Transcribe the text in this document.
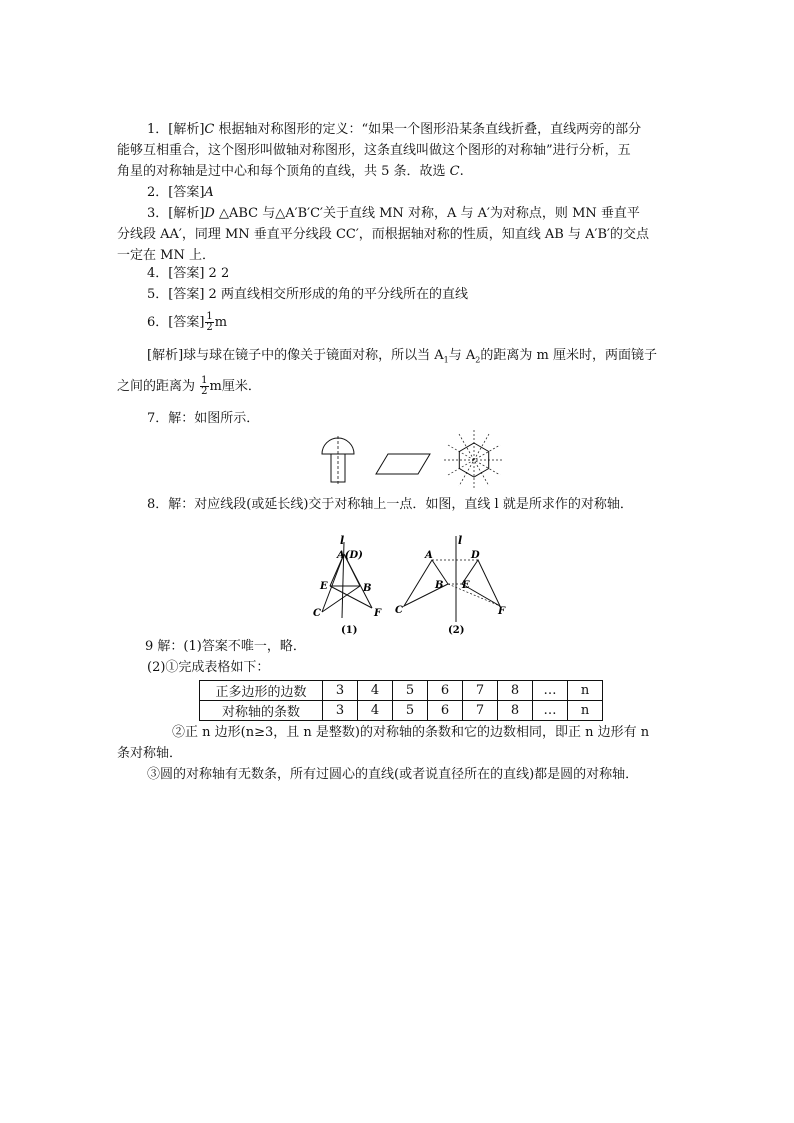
1．[解析]C 根据轴对称图形的定义：“如果一个图形沿某条直线折叠，直线两旁的部分
能够互相重合，这个图形叫做轴对称图形，这条直线叫做这个图形的对称轴”进行分析，五
角星的对称轴是过中心和每个顶角的直线，共 5 条．故选 C.
2．[答案]A
3．[解析]D △ABC 与△A′B′C′关于直线 MN 对称，A 与 A′为对称点，则 MN 垂直平
分线段 AA′，同理 MN 垂直平分线段 CC′，而根据轴对称的性质，知直线 AB 与 A′B′的交点
一定在 MN 上．
4．[答案] 2 2
5．[答案] 2 两直线相交所形成的角的平分线所在的直线
6．[答案] $\frac{1}{2}$ m
[解析]球与球在镜子中的像关于镜面对称，所以当 $A_1$与 $A_2$的距离为 m 厘米时，两面镜子
之间的距离为 $\frac{1}{2}$ m厘米．
7．解：如图所示．
8．解：对应线段(或延长线)交于对称轴上一点．如图，直线 l 就是所求作的对称轴．
l
A(D)
E	B
C	F
(1)
l
A	D
B E
C	F
(2)
9 解：(1)答案不唯一，略．
(2)①完成表格如下：
正多边形的边数	3	4	5	6	7	8	…	n
对称轴的条数	3	4	5	6	7	8	…	n
②正 n 边形(n≥3，且 n 是整数)的对称轴的条数和它的边数相同，即正 n 边形有 n
条对称轴．
③圆的对称轴有无数条，所有过圆心的直线(或者说直径所在的直线)都是圆的对称轴．
